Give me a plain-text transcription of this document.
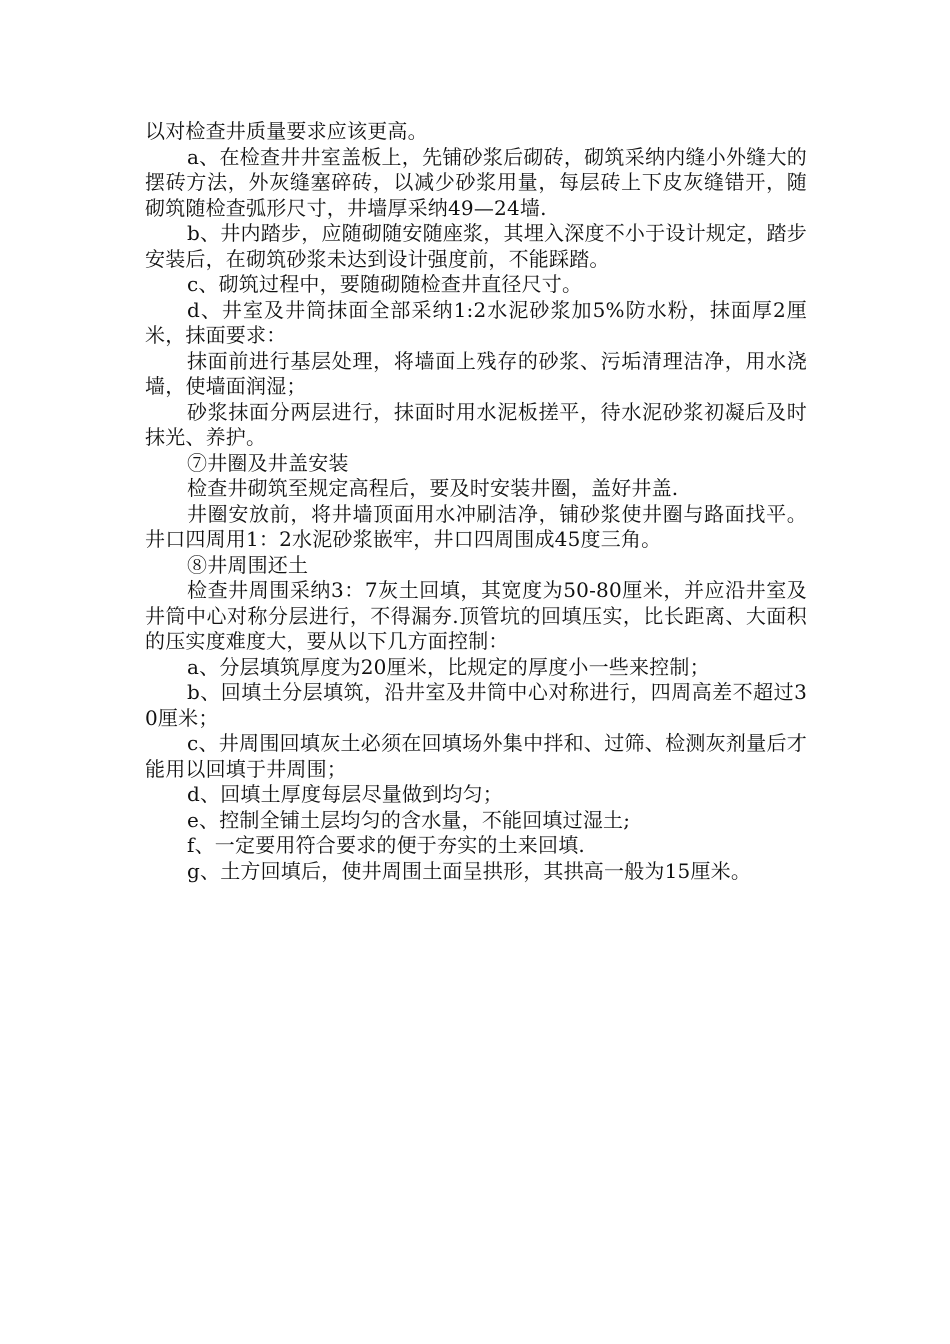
以对检查井质量要求应该更高。

a、在检查井井室盖板上，先铺砂浆后砌砖，砌筑采纳内缝小外缝大的摆砖方法，外灰缝塞碎砖，以减少砂浆用量，每层砖上下皮灰缝错开，随砌筑随检查弧形尺寸，井墙厚采纳49—24墙.

b、井内踏步，应随砌随安随座浆，其埋入深度不小于设计规定，踏步安装后，在砌筑砂浆未达到设计强度前，不能踩踏。

c、砌筑过程中，要随砌随检查井直径尺寸。

d、井室及井筒抹面全部采纳1:2水泥砂浆加5%防水粉，抹面厚2厘米，抹面要求：

抹面前进行基层处理，将墙面上残存的砂浆、污垢清理洁净，用水浇墙，使墙面润湿；

砂浆抹面分两层进行，抹面时用水泥板搓平，待水泥砂浆初凝后及时抹光、养护。

⑦井圈及井盖安装

检查井砌筑至规定高程后，要及时安装井圈，盖好井盖.

井圈安放前，将井墙顶面用水冲刷洁净，铺砂浆使井圈与路面找平。井口四周用1：2水泥砂浆嵌牢，井口四周围成45度三角。

⑧井周围还土

检查井周围采纳3：7灰土回填，其宽度为50-80厘米，并应沿井室及井筒中心对称分层进行，不得漏夯.顶管坑的回填压实，比长距离、大面积的压实度难度大，要从以下几方面控制：

a、分层填筑厚度为20厘米，比规定的厚度小一些来控制；

b、回填土分层填筑，沿井室及井筒中心对称进行，四周高差不超过30厘米；

c、井周围回填灰土必须在回填场外集中拌和、过筛、检测灰剂量后才能用以回填于井周围；

d、回填土厚度每层尽量做到均匀；

e、控制全铺土层均匀的含水量，不能回填过湿土;

f、一定要用符合要求的便于夯实的土来回填.

g、土方回填后，使井周围土面呈拱形，其拱高一般为15厘米。
